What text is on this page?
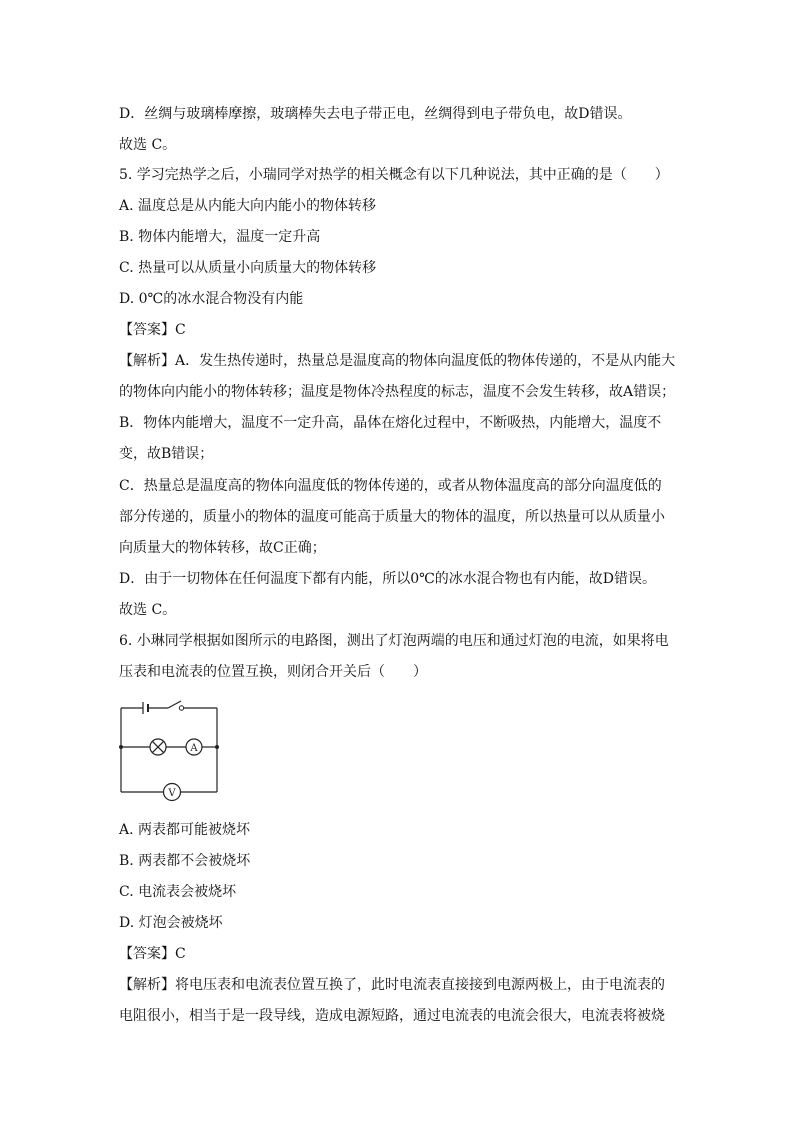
D．丝绸与玻璃棒摩擦，玻璃棒失去电子带正电，丝绸得到电子带负电，故D错误。
故选 C。
5. 学习完热学之后，小瑞同学对热学的相关概念有以下几种说法，其中正确的是（　　）
A. 温度总是从内能大向内能小的物体转移
B. 物体内能增大，温度一定升高
C. 热量可以从质量小向质量大的物体转移
D. 0℃的冰水混合物没有内能
【答案】C
【解析】A．发生热传递时，热量总是温度高的物体向温度低的物体传递的，不是从内能大
的物体向内能小的物体转移；温度是物体冷热程度的标志，温度不会发生转移，故A错误；
B．物体内能增大，温度不一定升高，晶体在熔化过程中，不断吸热，内能增大，温度不
变，故B错误；
C．热量总是温度高的物体向温度低的物体传递的，或者从物体温度高的部分向温度低的
部分传递的，质量小的物体的温度可能高于质量大的物体的温度，所以热量可以从质量小
向质量大的物体转移，故C正确；
D．由于一切物体在任何温度下都有内能，所以0℃的冰水混合物也有内能，故D错误。
故选 C。
6. 小琳同学根据如图所示的电路图，测出了灯泡两端的电压和通过灯泡的电流，如果将电
压表和电流表的位置互换，则闭合开关后（　　）
A
V
A. 两表都可能被烧坏
B. 两表都不会被烧坏
C. 电流表会被烧坏
D. 灯泡会被烧坏
【答案】C
【解析】将电压表和电流表位置互换了，此时电流表直接接到电源两极上，由于电流表的
电阻很小，相当于是一段导线，造成电源短路，通过电流表的电流会很大，电流表将被烧
